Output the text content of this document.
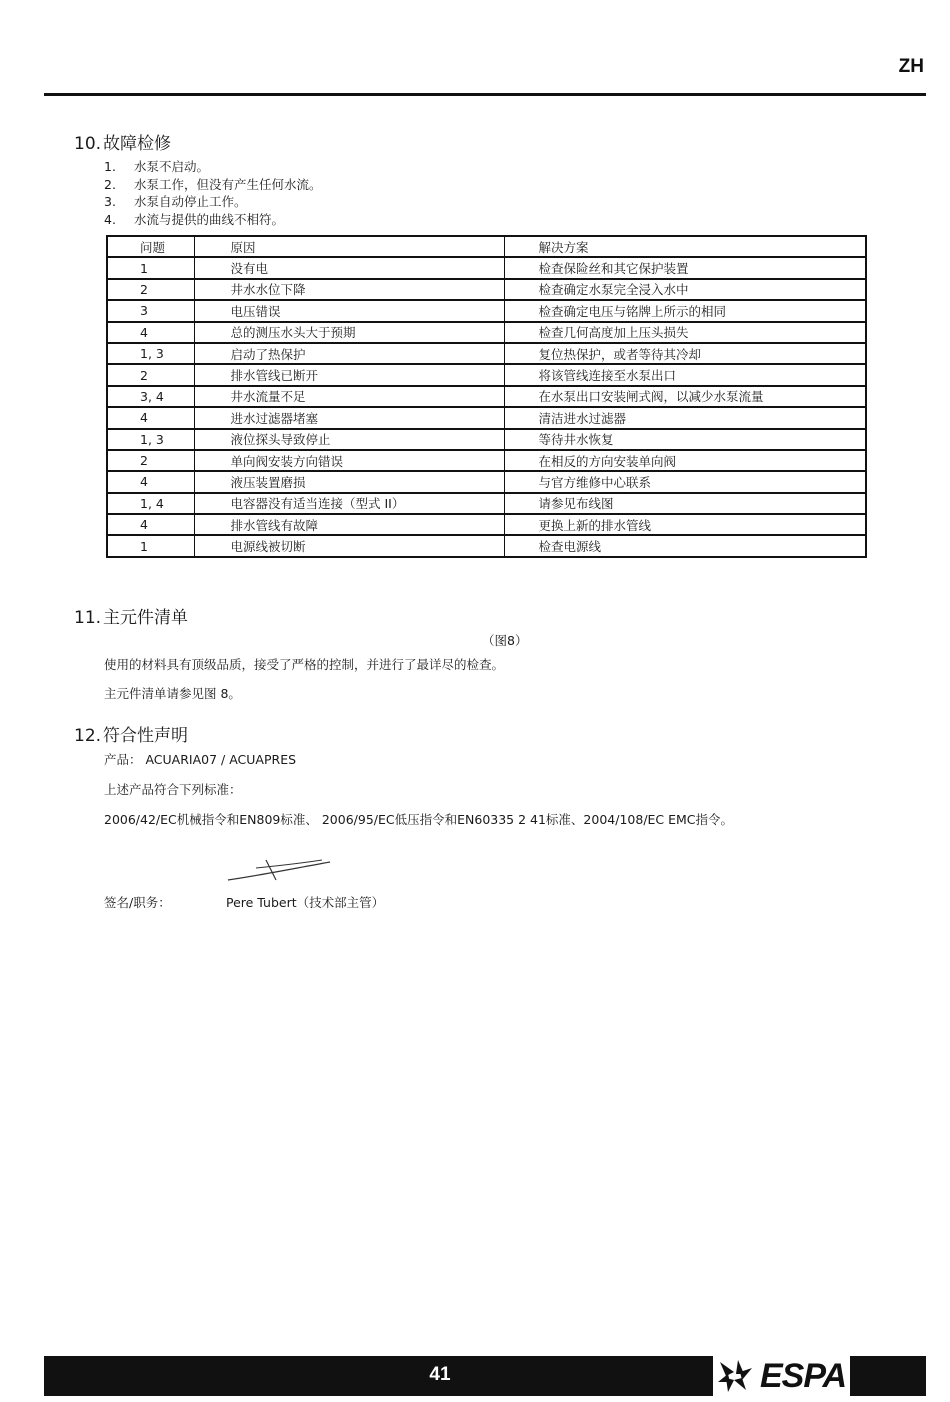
ZH
10. 故障检修
1. 水泵不启动。
2. 水泵工作，但没有产生任何水流。
3. 水泵自动停止工作。
4. 水流与提供的曲线不相符。
问题	原因	解决方案
1	没有电	检查保险丝和其它保护装置
2	井水水位下降	检查确定水泵完全浸入水中
3	电压错误	检查确定电压与铭牌上所示的相同
4	总的测压水头大于预期	检查几何高度加上压头损失
1, 3	启动了热保护	复位热保护，或者等待其冷却
2	排水管线已断开	将该管线连接至水泵出口
3, 4	井水流量不足	在水泵出口安装闸式阀，以减少水泵流量
4	进水过滤器堵塞	清洁进水过滤器
1, 3	液位探头导致停止	等待井水恢复
2	单向阀安装方向错误	在相反的方向安装单向阀
4	液压装置磨损	与官方维修中心联系
1, 4	电容器没有适当连接（型式 II）	请参见布线图
4	排水管线有故障	更换上新的排水管线
1	电源线被切断	检查电源线
11. 主元件清单
（图8）
使用的材料具有顶级品质，接受了严格的控制，并进行了最详尽的检查。
主元件清单请参见图 8。
12. 符合性声明
产品： ACUARIA07 / ACUAPRES
上述产品符合下列标准：
2006/42/EC机械指令和EN809标准、 2006/95/EC低压指令和EN60335 2 41标准、2004/108/EC EMC指令。
签名/职务：	Pere Tubert（技术部主管）
41	ESPA
